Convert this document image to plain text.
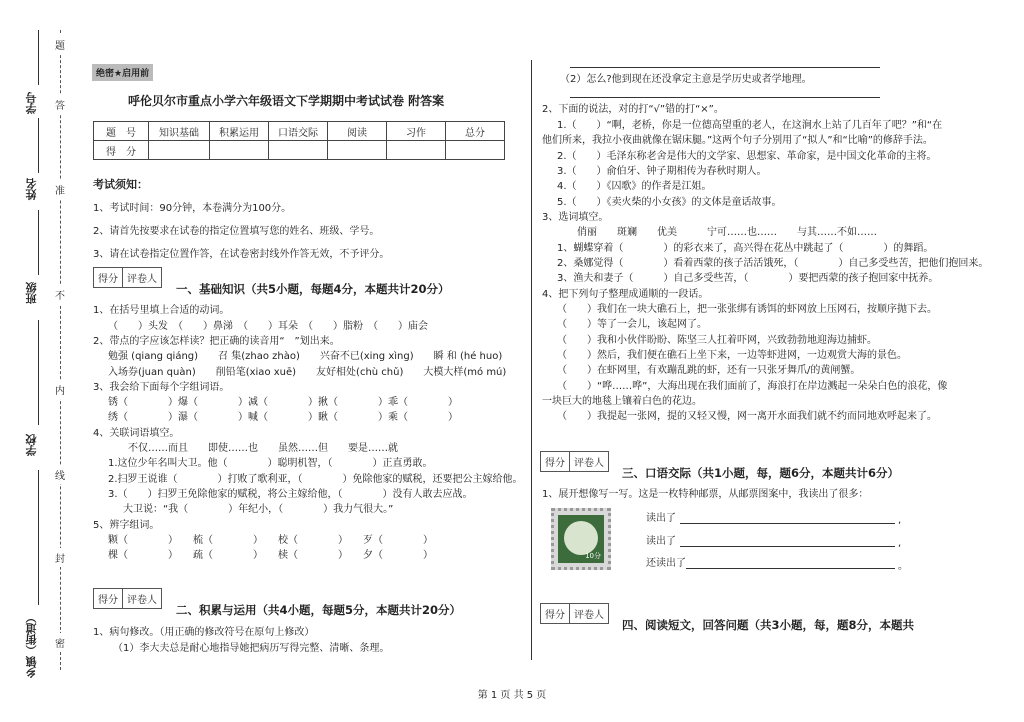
学号
姓名
班级
学校
乡镇（街道）
题
答
准
不
内
线
封
密
绝密★启用前
呼伦贝尔市重点小学六年级语文下学期期中考试试卷 附答案
题　号	知识基础	积累运用	口语交际	阅读	习作	总分
得　分						
考试须知：
1、考试时间：90分钟，本卷满分为100分。
2、请首先按要求在试卷的指定位置填写您的姓名、班级、学号。
3、请在试卷指定位置作答，在试卷密封线外作答无效，不予评分。
得分 评卷人
一、基础知识（共5小题，每题4分，本题共计20分）
1、在括号里填上合适的动词。
（　　）头发　（　　）鼻涕　（　　）耳朵　（　　）脂粉　（　　）庙会
2、带点的字应该怎样读？把正确的读音用“　”划出来。
勉强 (qiang qiáng)　　召 集(zhao zhào)　　兴奋不已(xing xìng)　　瞬 和 (hé huo)
入场券(juan quàn)　　削铅笔(xiao xuē)　　友好相处(chù chǔ)　　大模大样(mó mú)
3、我会给下面每个字组词语。
锈（　　　　）爆（　　　　）减（　　　　）揪（　　　　）乖（　　　　）
绣（　　　　）瀑（　　　　）喊（　　　　）瞅（　　　　）乘（　　　　）
4、关联词语填空。
不仅……而且　　即使……也　　虽然……但　　要是……就
1.这位少年名叫大卫。他（　　　　）聪明机智，（　　　　）正直勇敢。
2.扫罗王说谁（　　　　）打败了歌利亚，（　　　　）免除他家的赋税，还要把公主嫁给他。
3.（　　）扫罗王免除他家的赋税，将公主嫁给他，（　　　　）没有人敢去应战。
大卫说：“我（　　　　）年纪小，（　　　　）我力气很大。”
5、辨字组词。
颗（　　　　）　　梳（　　　　）　　校（　　　　）　　歹（　　　　）
棵（　　　　）　　疏（　　　　）　　椟（　　　　）　　夕（　　　　）
得分 评卷人
二、积累与运用（共4小题，每题5分，本题共计20分）
1、病句修改。（用正确的修改符号在原句上修改）
（1）李大夫总是耐心地指导她把病历写得完整、清晰、条理。
（2）怎么?他到现在还没拿定主意是学历史或者学地理。
2、下面的说法，对的打“√”错的打“×”。
1.（　　）“啊，老桥，你是一位德高望重的老人，在这涧水上站了几百年了吧？”和“在
他们所来，我拉小夜曲就像在锯床腿。”这两个句子分别用了“拟人”和“比喻”的修辞手法。
2.（　　）毛泽东称老舍是伟大的文学家、思想家、革命家，是中国文化革命的主将。
3.（　　）俞伯牙、钟子期相传为春秋时期人。
4.（　　）《囚歌》的作者是江姐。
5.（　　）《卖火柴的小女孩》的文体是童话故事。
3、选词填空。
俏丽　　斑斓　　优美　　　宁可……也……　　与其……不如……
1、蝴蝶穿着（　　　　）的彩衣来了，高兴得在花丛中跳起了（　　　　）的舞蹈。
2、桑娜觉得（　　　　）看着西蒙的孩子活活饿死，（　　　　）自己多受些苦，把他们抱回来。
3、渔夫和妻子（　　　）自己多受些苦，（　　　　）要把西蒙的孩子抱回家中抚养。
4、把下列句子整理成通顺的一段话。
（　　）我们在一块大礁石上，把一张张绑有诱饵的虾网放上压网石，按顺序抛下去。
（　　）等了一会儿，该起网了。
（　　）我和小伙伴盼盼、陈坚三人扛着吓网，兴致勃勃地迎海边捕虾。
（　　）然后，我们便在礁石上坐下来，一边等虾进网，一边观赏大海的景色。
（　　）在虾网里，有欢蹦乱跳的虾，还有一只张牙舞爪/的黄闸蟹。
（　　）“哗……哗”，大海出现在我们面前了，海浪打在岸边溅起一朵朵白色的浪花，像
一块巨大的地毯上镶着白色的花边。
（　　）我提起一张网，提的又轻又慢，网一离开水面我们就不约而同地欢呼起来了。
得分 评卷人
三、口语交际（共1小题，每，题6分，本题共计6分）
1、展开想像写一写。这是一枚特种邮票，从邮票图案中，我读出了很多：
10分
读出了	,
读出了	,
还读出了	。
得分 评卷人
四、阅读短文，回答问题（共3小题，每，题8分，本题共
第 1 页 共 5 页
